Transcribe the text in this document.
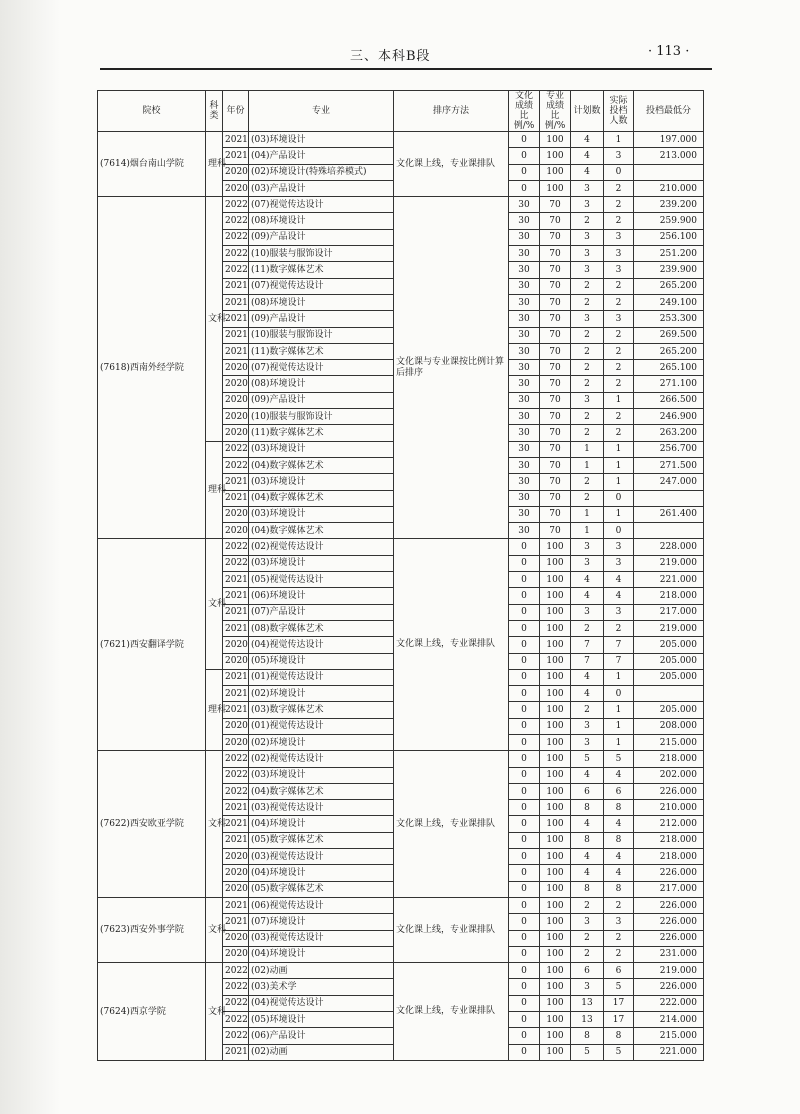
三、本科B段	· 113 ·
院校	科类	年份	专业	排序方法	文化成绩比例/%	专业成绩比例/%	计划数	实际投档人数	投档最低分
(7614)烟台南山学院	理科	2021	(03)环境设计	文化课上线，专业课排队	0	100	4	1	197.000
		2021	(04)产品设计		0	100	4	3	213.000
		2020	(02)环境设计(特殊培养模式)		0	100	4	0	
		2020	(03)产品设计		0	100	3	2	210.000
(7618)西南外经学院	文科	2022	(07)视觉传达设计	文化课与专业课按比例计算后排序	30	70	3	2	239.200
		2022	(08)环境设计		30	70	2	2	259.900
		2022	(09)产品设计		30	70	3	3	256.100
		2022	(10)服装与服饰设计		30	70	3	3	251.200
		2022	(11)数字媒体艺术		30	70	3	3	239.900
		2021	(07)视觉传达设计		30	70	2	2	265.200
		2021	(08)环境设计		30	70	2	2	249.100
		2021	(09)产品设计		30	70	3	3	253.300
		2021	(10)服装与服饰设计		30	70	2	2	269.500
		2021	(11)数字媒体艺术		30	70	2	2	265.200
		2020	(07)视觉传达设计		30	70	2	2	265.100
		2020	(08)环境设计		30	70	2	2	271.100
		2020	(09)产品设计		30	70	3	1	266.500
		2020	(10)服装与服饰设计		30	70	2	2	246.900
		2020	(11)数字媒体艺术		30	70	2	2	263.200
	理科	2022	(03)环境设计		30	70	1	1	256.700
		2022	(04)数字媒体艺术		30	70	1	1	271.500
		2021	(03)环境设计		30	70	2	1	247.000
		2021	(04)数字媒体艺术		30	70	2	0	
		2020	(03)环境设计		30	70	1	1	261.400
		2020	(04)数字媒体艺术		30	70	1	0	
(7621)西安翻译学院	文科	2022	(02)视觉传达设计	文化课上线，专业课排队	0	100	3	3	228.000
		2022	(03)环境设计		0	100	3	3	219.000
		2021	(05)视觉传达设计		0	100	4	4	221.000
		2021	(06)环境设计		0	100	4	4	218.000
		2021	(07)产品设计		0	100	3	3	217.000
		2021	(08)数字媒体艺术		0	100	2	2	219.000
		2020	(04)视觉传达设计		0	100	7	7	205.000
		2020	(05)环境设计		0	100	7	7	205.000
	理科	2021	(01)视觉传达设计		0	100	4	1	205.000
		2021	(02)环境设计		0	100	4	0	
		2021	(03)数字媒体艺术		0	100	2	1	205.000
		2020	(01)视觉传达设计		0	100	3	1	208.000
		2020	(02)环境设计		0	100	3	1	215.000
(7622)西安欧亚学院	文科	2022	(02)视觉传达设计	文化课上线，专业课排队	0	100	5	5	218.000
		2022	(03)环境设计		0	100	4	4	202.000
		2022	(04)数字媒体艺术		0	100	6	6	226.000
		2021	(03)视觉传达设计		0	100	8	8	210.000
		2021	(04)环境设计		0	100	4	4	212.000
		2021	(05)数字媒体艺术		0	100	8	8	218.000
		2020	(03)视觉传达设计		0	100	4	4	218.000
		2020	(04)环境设计		0	100	4	4	226.000
		2020	(05)数字媒体艺术		0	100	8	8	217.000
(7623)西安外事学院	文科	2021	(06)视觉传达设计	文化课上线，专业课排队	0	100	2	2	226.000
		2021	(07)环境设计		0	100	3	3	226.000
		2020	(03)视觉传达设计		0	100	2	2	226.000
		2020	(04)环境设计		0	100	2	2	231.000
(7624)西京学院	文科	2022	(02)动画	文化课上线，专业课排队	0	100	6	6	219.000
		2022	(03)美术学		0	100	3	5	226.000
		2022	(04)视觉传达设计		0	100	13	17	222.000
		2022	(05)环境设计		0	100	13	17	214.000
		2022	(06)产品设计		0	100	8	8	215.000
		2021	(02)动画		0	100	5	5	221.000
